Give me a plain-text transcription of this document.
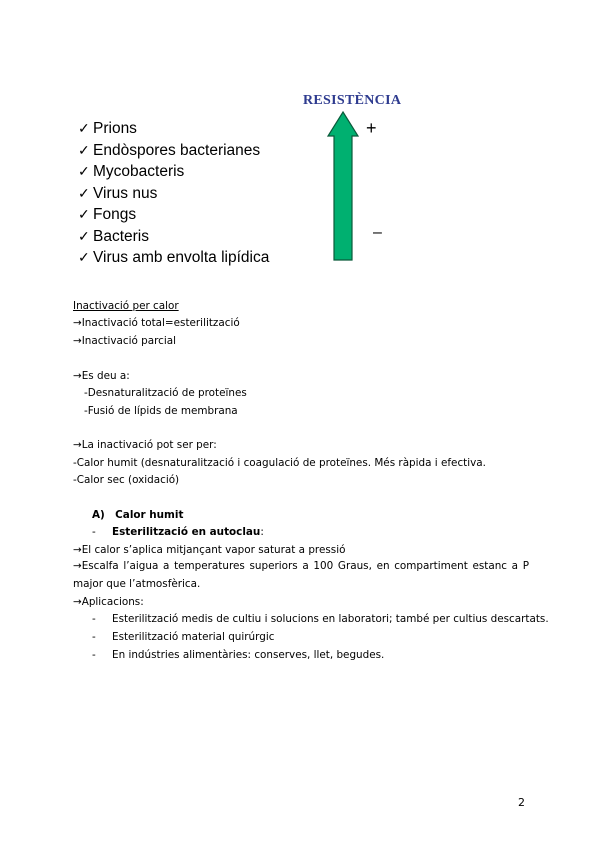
RESISTÈNCIA
✓ Prions
✓ Endòspores bacterianes
✓ Mycobacteris
✓ Virus nus
✓ Fongs
✓ Bacteris
✓ Virus amb envolta lipídica
+
–
Inactivació per calor
→Inactivació total=esterilització
→Inactivació parcial
→Es deu a:
-Desnaturalització de proteïnes
-Fusió de lípids de membrana
→La inactivació pot ser per:
-Calor humit (desnaturalització i coagulació de proteïnes. Més ràpida i efectiva.
-Calor sec (oxidació)
A) Calor humit
- Esterilització en autoclau:
→El calor s’aplica mitjançant vapor saturat a pressió
→Escalfa l’aigua a temperatures superiors a 100 Graus, en compartiment estanc a P major que l’atmosfèrica.
→Aplicacions:
- Esterilització medis de cultiu i solucions en laboratori; també per cultius descartats.
- Esterilització material quirúrgic
- En indústries alimentàries: conserves, llet, begudes.
2
